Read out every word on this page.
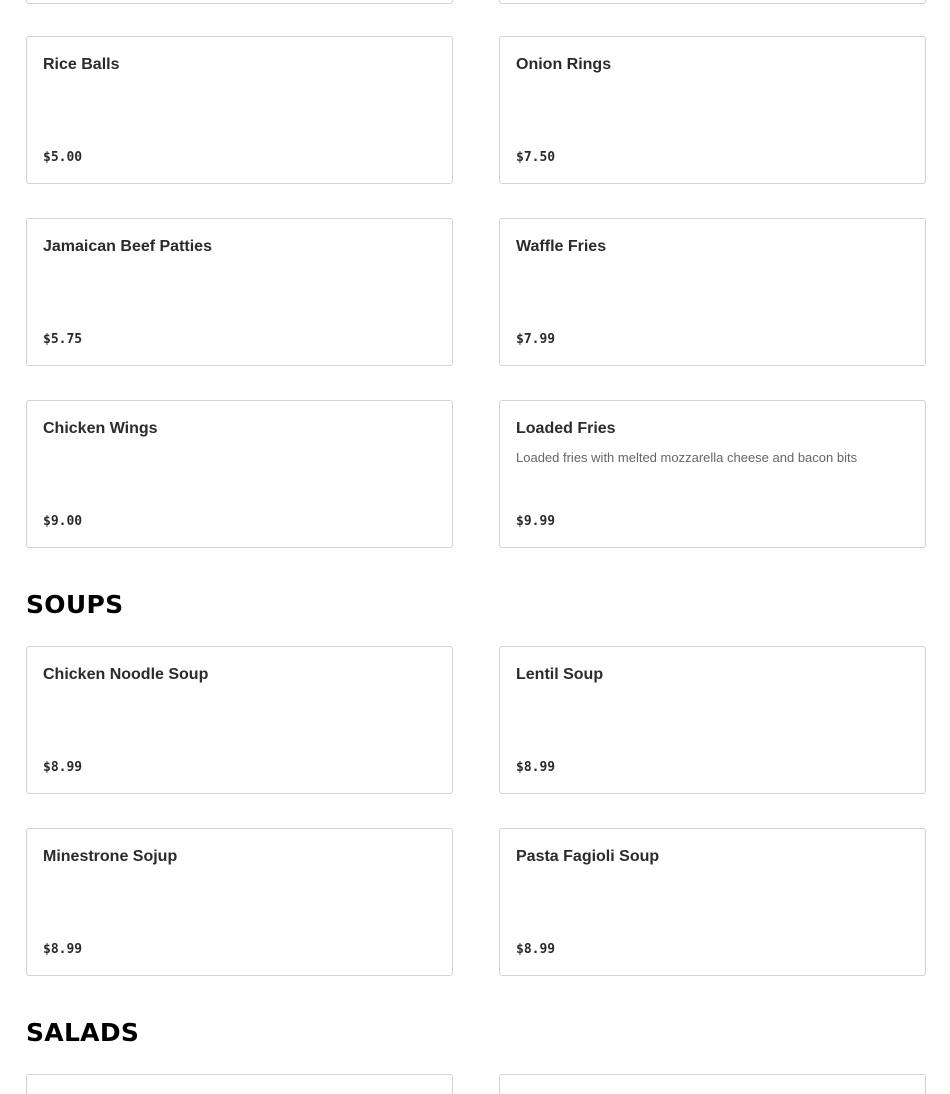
Rice Balls
$5.00
Onion Rings
$7.50
Jamaican Beef Patties
$5.75
Waffle Fries
$7.99
Chicken Wings
$9.00
Loaded Fries
Loaded fries with melted mozzarella cheese and bacon bits
$9.99
SOUPS
Chicken Noodle Soup
$8.99
Lentil Soup
$8.99
Minestrone Sojup
$8.99
Pasta Fagioli Soup
$8.99
SALADS
